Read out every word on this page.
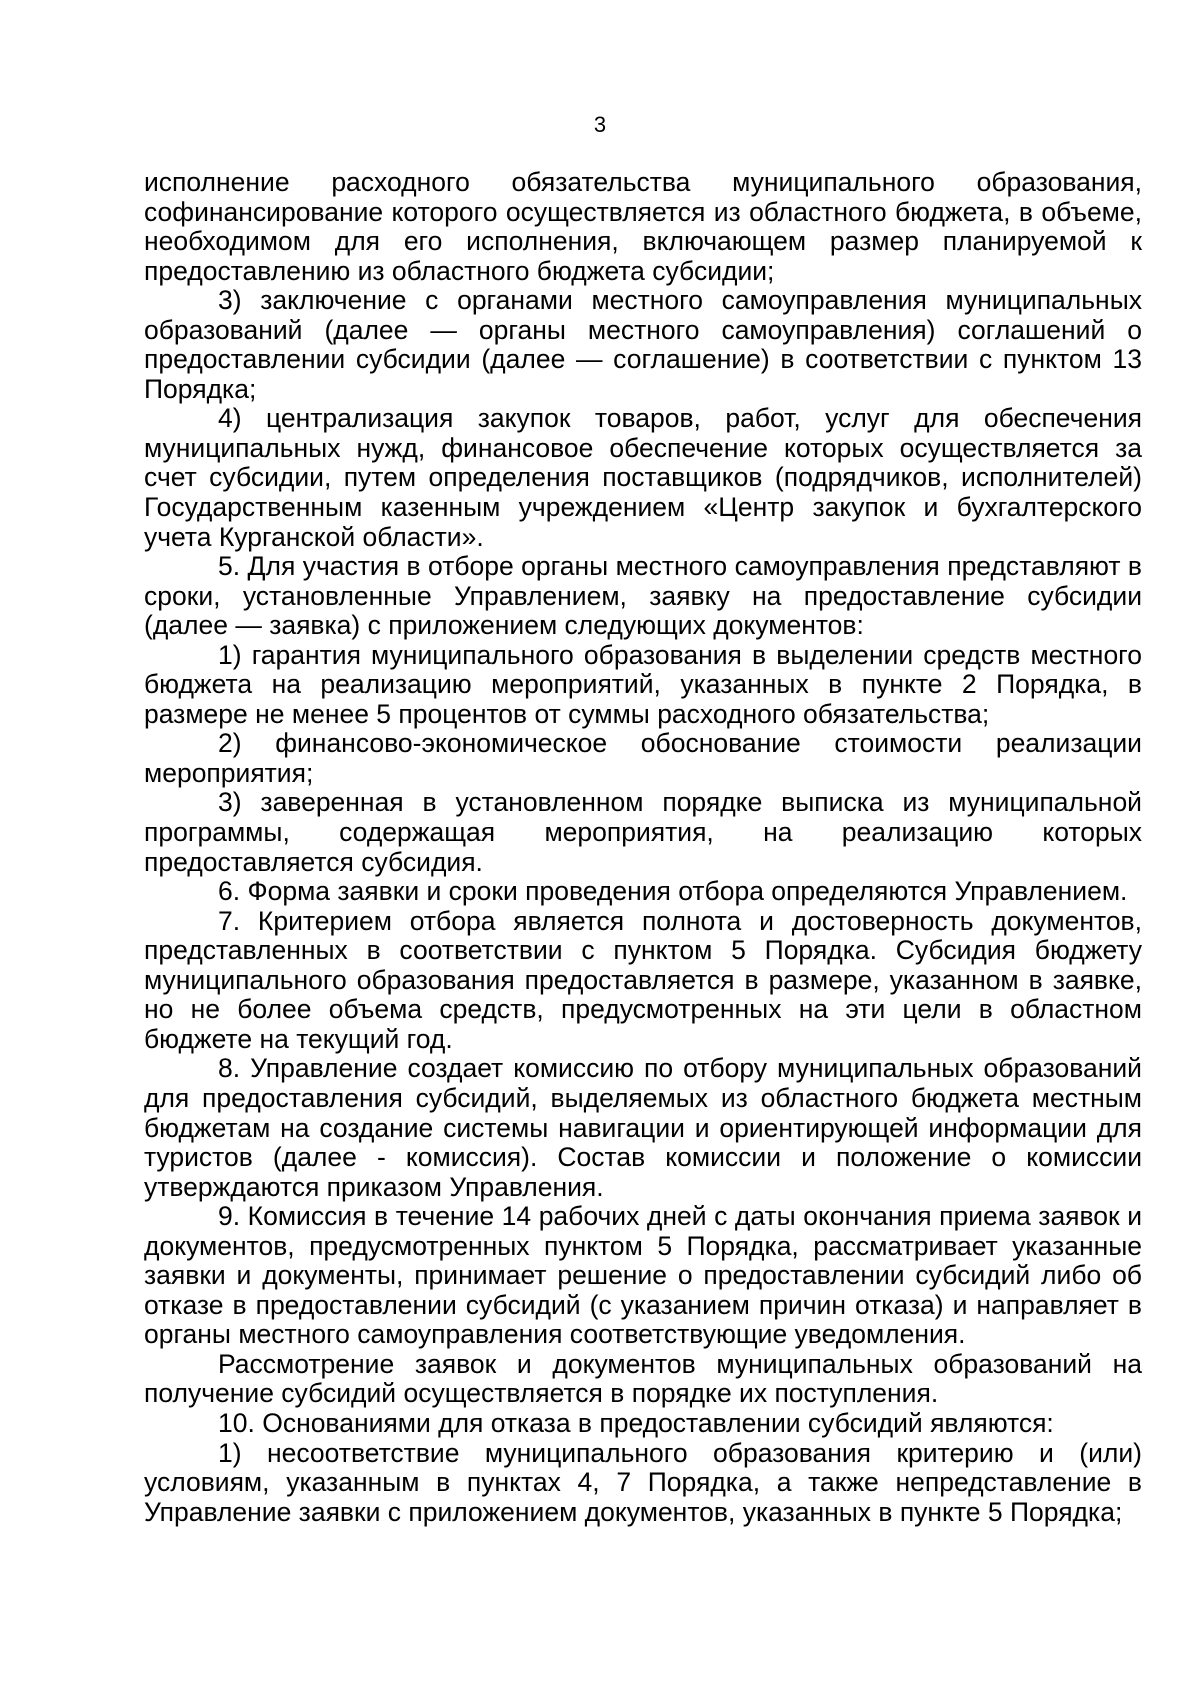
3

исполнение расходного обязательства муниципального образования, софинансирование которого осуществляется из областного бюджета, в объеме, необходимом для его исполнения, включающем размер планируемой к предоставлению из областного бюджета субсидии;

3) заключение с органами местного самоуправления муниципальных образований (далее — органы местного самоуправления) соглашений о предоставлении субсидии (далее — соглашение) в соответствии с пунктом 13 Порядка;

4) централизация закупок товаров, работ, услуг для обеспечения муниципальных нужд, финансовое обеспечение которых осуществляется за счет субсидии, путем определения поставщиков (подрядчиков, исполнителей) Государственным казенным учреждением «Центр закупок и бухгалтерского учета Курганской области».

5. Для участия в отборе органы местного самоуправления представляют в сроки, установленные Управлением, заявку на предоставление субсидии (далее — заявка) с приложением следующих документов:

1) гарантия муниципального образования в выделении средств местного бюджета на реализацию мероприятий, указанных в пункте 2 Порядка, в размере не менее 5 процентов от суммы расходного обязательства;

2) финансово-экономическое обоснование стоимости реализации мероприятия;

3) заверенная в установленном порядке выписка из муниципальной программы, содержащая мероприятия, на реализацию которых предоставляется субсидия.

6. Форма заявки и сроки проведения отбора определяются Управлением.

7. Критерием отбора является полнота и достоверность документов, представленных в соответствии с пунктом 5 Порядка. Субсидия бюджету муниципального образования предоставляется в размере, указанном в заявке, но не более объема средств, предусмотренных на эти цели в областном бюджете на текущий год.

8. Управление создает комиссию по отбору муниципальных образований для предоставления субсидий, выделяемых из областного бюджета местным бюджетам на создание системы навигации и ориентирующей информации для туристов (далее - комиссия). Состав комиссии и положение о комиссии утверждаются приказом Управления.

9. Комиссия в течение 14 рабочих дней с даты окончания приема заявок и документов, предусмотренных пунктом 5 Порядка, рассматривает указанные заявки и документы, принимает решение о предоставлении субсидий либо об отказе в предоставлении субсидий (с указанием причин отказа) и направляет в органы местного самоуправления соответствующие уведомления.

Рассмотрение заявок и документов муниципальных образований на получение субсидий осуществляется в порядке их поступления.

10. Основаниями для отказа в предоставлении субсидий являются:

1) несоответствие муниципального образования критерию и (или) условиям, указанным в пунктах 4, 7 Порядка, а также непредставление в Управление заявки с приложением документов, указанных в пункте 5 Порядка;
